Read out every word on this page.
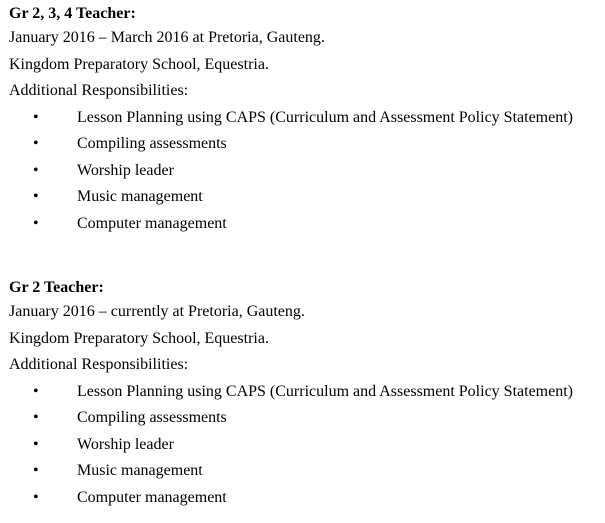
Gr 2, 3, 4 Teacher:

January 2016 – March 2016 at Pretoria, Gauteng.

Kingdom Preparatory School, Equestria.

Additional Responsibilities:

• Lesson Planning using CAPS (Curriculum and Assessment Policy Statement)
• Compiling assessments
• Worship leader
• Music management
• Computer management

Gr 2 Teacher:

January 2016 – currently at Pretoria, Gauteng.

Kingdom Preparatory School, Equestria.

Additional Responsibilities:

• Lesson Planning using CAPS (Curriculum and Assessment Policy Statement)
• Compiling assessments
• Worship leader
• Music management
• Computer management
